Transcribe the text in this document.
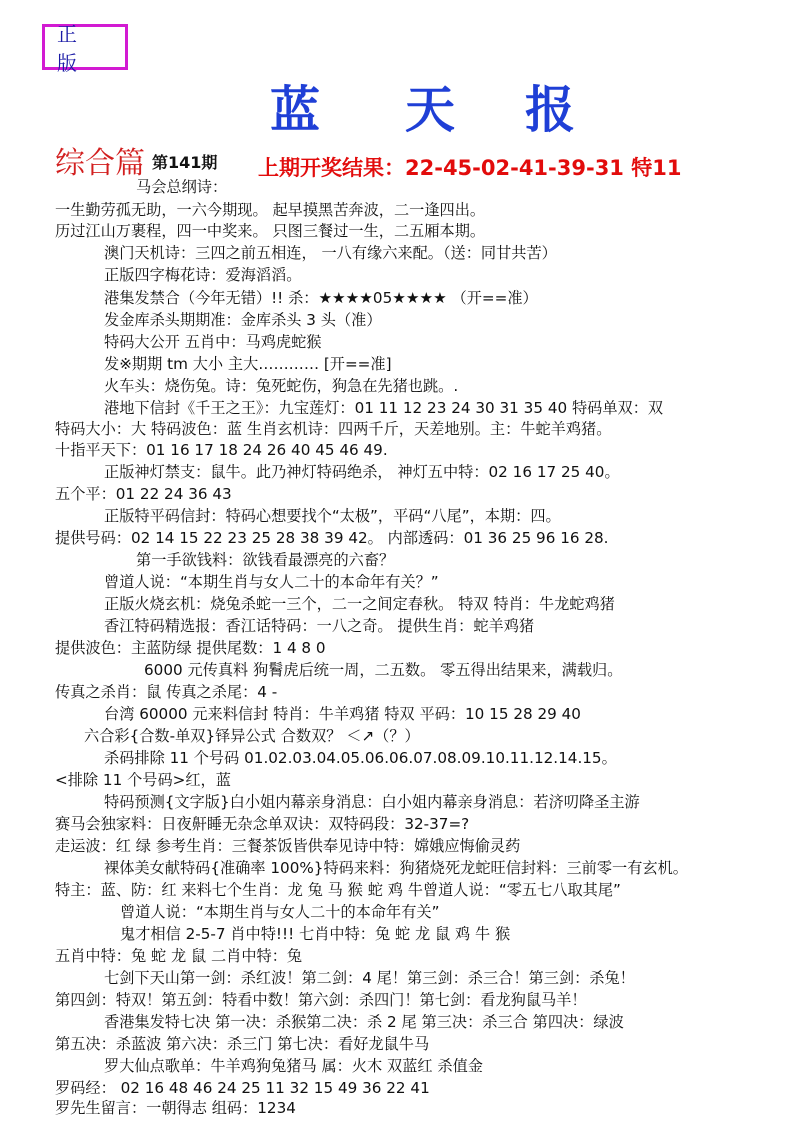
正 版
蓝 天 报
综合篇 第141期 上期开奖结果：22-45-02-41-39-31 特11
马会总纲诗：
一生勤劳孤无助，一六今期现。 起早摸黑苦奔波，二一逢四出。
历过江山万裹程，四一中奖来。 只图三餐过一生，二五厢本期。
澳门天机诗：三四之前五相连， 一八有缘六来配。（送：同甘共苦）
正版四字梅花诗：爱海滔滔。
港集发禁合（今年无错）!! 杀：★★★★05★★★★ （开==准）
发金库杀头期期准：金库杀头 3 头（准）
特码大公开 五肖中：马鸡虎蛇猴
发※期期 tm 大小 主大………… [开==准]
火车头：烧伤兔。诗：兔死蛇伤，狗急在先猪也跳。.
港地下信封《千王之王》：九宝莲灯：01 11 12 23 24 30 31 35 40 特码单双：双
特码大小：大 特码波色：蓝 生肖玄机诗：四两千斤，天差地别。主：牛蛇羊鸡猪。
十指平天下：01 16 17 18 24 26 40 45 46 49.
正版神灯禁支：鼠牛。此乃神灯特码绝杀， 神灯五中特：02 16 17 25 40。
五个平：01 22 24 36 43
正版特平码信封：特码心想要找个“太极”，平码“八尾”，本期：四。
提供号码：02 14 15 22 23 25 28 38 39 42。 内部透码：01 36 25 96 16 28.
第一手欲钱料：欲钱看最漂亮的六畜？
曾道人说：“本期生肖与女人二十的本命年有关？”
正版火烧玄机：烧兔杀蛇一三个，二一之间定春秋。 特双 特肖：牛龙蛇鸡猪
香江特码精选报：香江话特码：一八之奇。 提供生肖：蛇羊鸡猪
提供波色：主蓝防绿 提供尾数：1 4 8 0
6000 元传真料 狗鬌虎后统一周，二五数。 零五得出结果来，满载归。
传真之杀肖：鼠 传真之杀尾：4 -
台湾 60000 元来料信封 特肖：牛羊鸡猪 特双 平码：10 15 28 29 40
六合彩{合数-单双}铎异公式 合数双？ ＜↗（？）
杀码排除 11 个号码 01.02.03.04.05.06.06.07.08.09.10.11.12.14.15。
<排除 11 个号码>红，蓝
特码预测{文字版}白小姐内幕亲身消息：白小姐内幕亲身消息：若济叨降圣主游
赛马会独家料：日夜鼾睡无杂念单双诀：双特码段：32-37=?
走运波：红 绿 参考生肖：三餐茶饭皆供奉见诗中特：嫦娥应悔偷灵药
裸体美女献特码{准确率 100%}特码来料：狗猪烧死龙蛇旺信封料：三前零一有玄机。
特主：蓝、防：红 来料七个生肖：龙 兔 马 猴 蛇 鸡 牛曾道人说：“零五七八取其尾”
曾道人说：“本期生肖与女人二十的本命年有关”
鬼才相信 2-5-7 肖中特!!! 七肖中特：兔 蛇 龙 鼠 鸡 牛 猴
五肖中特：兔 蛇 龙 鼠 二肖中特：兔
七剑下天山第一剑：杀红波！第二剑：4 尾！第三剑：杀三合！第三剑：杀兔！
第四剑：特双！第五剑：特看中数！第六剑：杀四门！第七剑：看龙狗鼠马羊！
香港集发特七决 第一决：杀猴第二决：杀 2 尾 第三决：杀三合 第四决：绿波
第五决：杀蓝波 第六决：杀三门 第七决：看好龙鼠牛马
罗大仙点歌单：牛羊鸡狗兔猪马 属：火木 双蓝红 杀值金
罗码经： 02 16 48 46 24 25 11 32 15 49 36 22 41
罗先生留言：一朝得志 组码：1234
